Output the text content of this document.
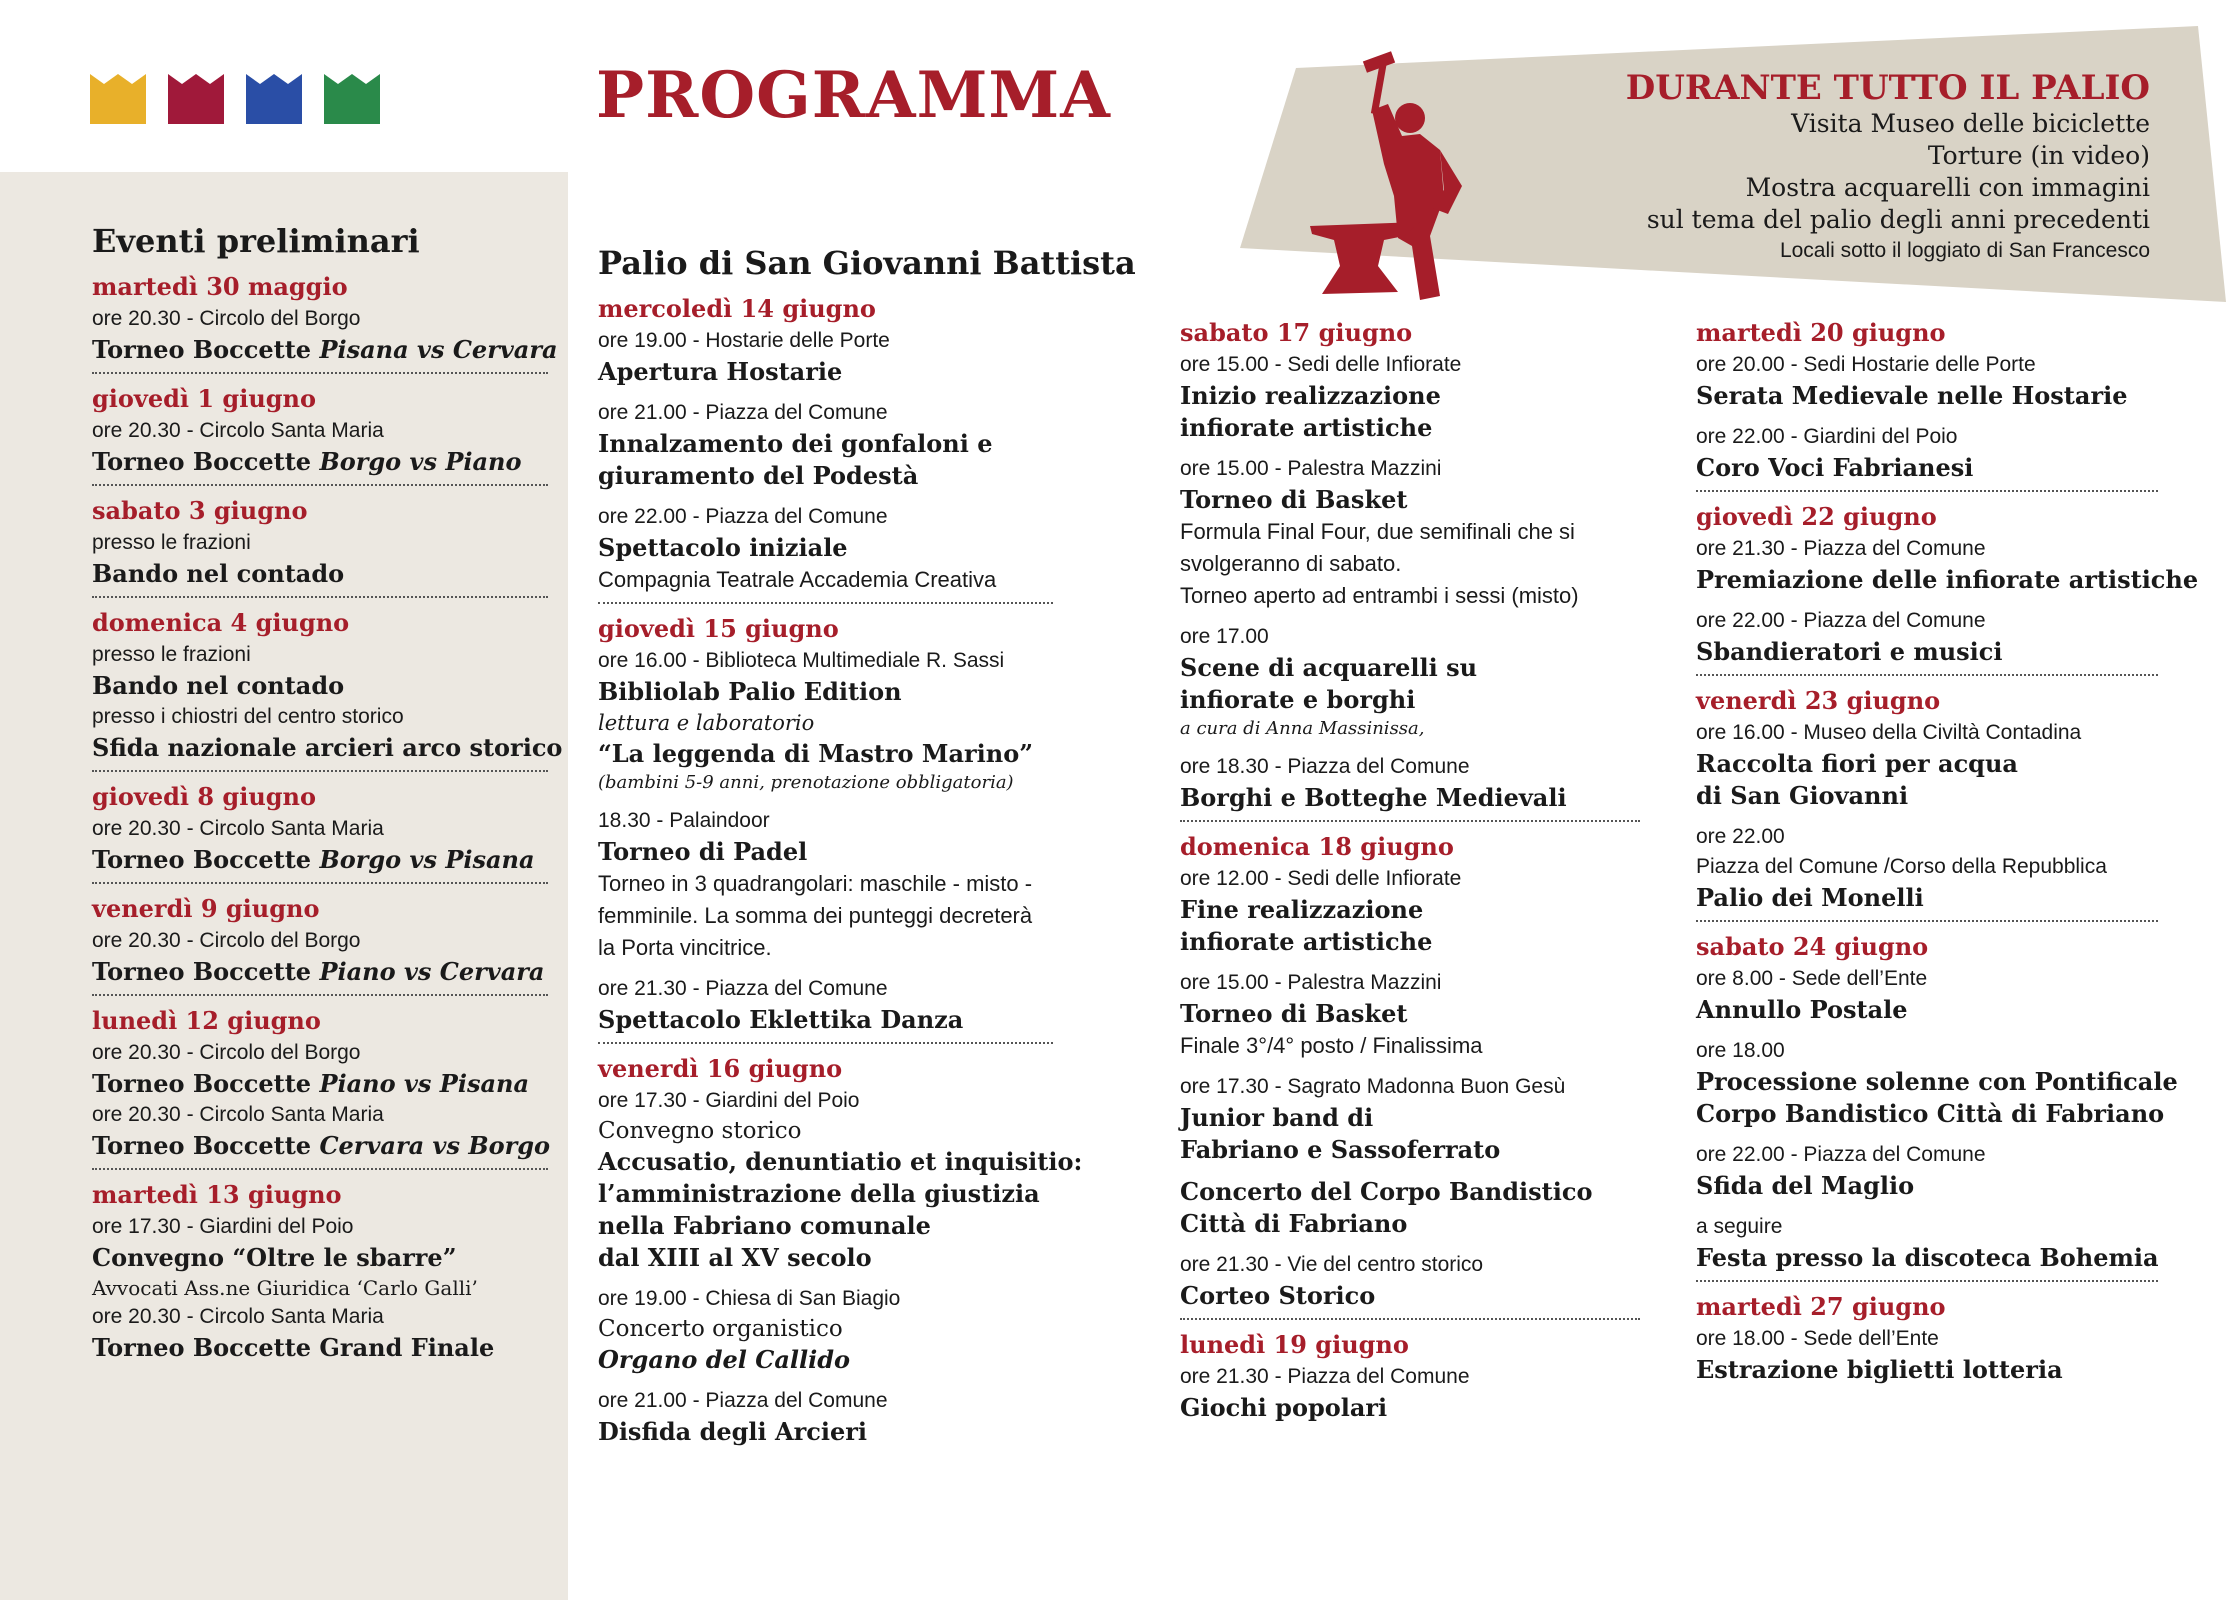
PROGRAMMA	DURANTE TUTTO IL PALIO
Visita Museo delle biciclette
Torture (in video)
Mostra acquarelli con immagini
sul tema del palio degli anni precedenti
Locali sotto il loggiato di San Francesco
Eventi preliminari

martedì 30 maggio

ore 20.30 - Circolo del Borgo
Torneo Boccette Pisana vs Cervara

giovedì 1 giugno

ore 20.30 - Circolo Santa Maria
Torneo Boccette Borgo vs Piano

sabato 3 giugno

presso le frazioni
Bando nel contado

domenica 4 giugno

presso le frazioni
Bando nel contado
presso i chiostri del centro storico
Sfida nazionale arcieri arco storico

giovedì 8 giugno

ore 20.30 - Circolo Santa Maria
Torneo Boccette Borgo vs Pisana

venerdì 9 giugno

ore 20.30 - Circolo del Borgo
Torneo Boccette Piano vs Cervara

lunedì 12 giugno

ore 20.30 - Circolo del Borgo
Torneo Boccette Piano vs Pisana
ore 20.30 - Circolo Santa Maria
Torneo Boccette Cervara vs Borgo

martedì 13 giugno

ore 17.30 - Giardini del Poio
Convegno “Oltre le sbarre”
Avvocati Ass.ne Giuridica ‘Carlo Galli’
ore 20.30 - Circolo Santa Maria
Torneo Boccette Grand Finale
Palio di San Giovanni Battista

mercoledì 14 giugno

ore 19.00 - Hostarie delle Porte
Apertura Hostarie
ore 21.00 - Piazza del Comune
Innalzamento dei gonfaloni e
giuramento del Podestà
ore 22.00 - Piazza del Comune
Spettacolo iniziale
Compagnia Teatrale Accademia Creativa

giovedì 15 giugno

ore 16.00 - Biblioteca Multimediale R. Sassi
Bibliolab Palio Edition
lettura e laboratorio
“La leggenda di Mastro Marino”
(bambini 5-9 anni, prenotazione obbligatoria)
18.30 - Palaindoor
Torneo di Padel
Torneo in 3 quadrangolari: maschile - misto -
femminile. La somma dei punteggi decreterà
la Porta vincitrice.
ore 21.30 - Piazza del Comune
Spettacolo Eklettika Danza

venerdì 16 giugno

ore 17.30 - Giardini del Poio
Convegno storico
Accusatio, denuntiatio et inquisitio:
l’amministrazione della giustizia
nella Fabriano comunale
dal XIII al XV secolo
ore 19.00 - Chiesa di San Biagio
Concerto organistico
Organo del Callido
ore 21.00 - Piazza del Comune
Disfida degli Arcieri

sabato 17 giugno

ore 15.00 - Sedi delle Infiorate
Inizio realizzazione
infiorate artistiche
ore 15.00 - Palestra Mazzini
Torneo di Basket
Formula Final Four, due semifinali che si
svolgeranno di sabato.
Torneo aperto ad entrambi i sessi (misto)
ore 17.00
Scene di acquarelli su
infiorate e borghi
a cura di Anna Massinissa,
ore 18.30 - Piazza del Comune
Borghi e Botteghe Medievali

domenica 18 giugno

ore 12.00 - Sedi delle Infiorate
Fine realizzazione
infiorate artistiche
ore 15.00 - Palestra Mazzini
Torneo di Basket
Finale 3°/4° posto / Finalissima
ore 17.30 - Sagrato Madonna Buon Gesù
Junior band di
Fabriano e Sassoferrato
Concerto del Corpo Bandistico
Città di Fabriano
ore 21.30 - Vie del centro storico
Corteo Storico

lunedì 19 giugno

ore 21.30 - Piazza del Comune
Giochi popolari

martedì 20 giugno

ore 20.00 - Sedi Hostarie delle Porte
Serata Medievale nelle Hostarie
ore 22.00 - Giardini del Poio
Coro Voci Fabrianesi

giovedì 22 giugno

ore 21.30 - Piazza del Comune
Premiazione delle infiorate artistiche
ore 22.00 - Piazza del Comune
Sbandieratori e musici

venerdì 23 giugno

ore 16.00 - Museo della Civiltà Contadina
Raccolta fiori per acqua
di San Giovanni
ore 22.00
Piazza del Comune /Corso della Repubblica
Palio dei Monelli

sabato 24 giugno

ore 8.00 - Sede dell’Ente
Annullo Postale
ore 18.00
Processione solenne con Pontificale
Corpo Bandistico Città di Fabriano
ore 22.00 - Piazza del Comune
Sfida del Maglio
a seguire
Festa presso la discoteca Bohemia

martedì 27 giugno

ore 18.00 - Sede dell’Ente
Estrazione biglietti lotteria
